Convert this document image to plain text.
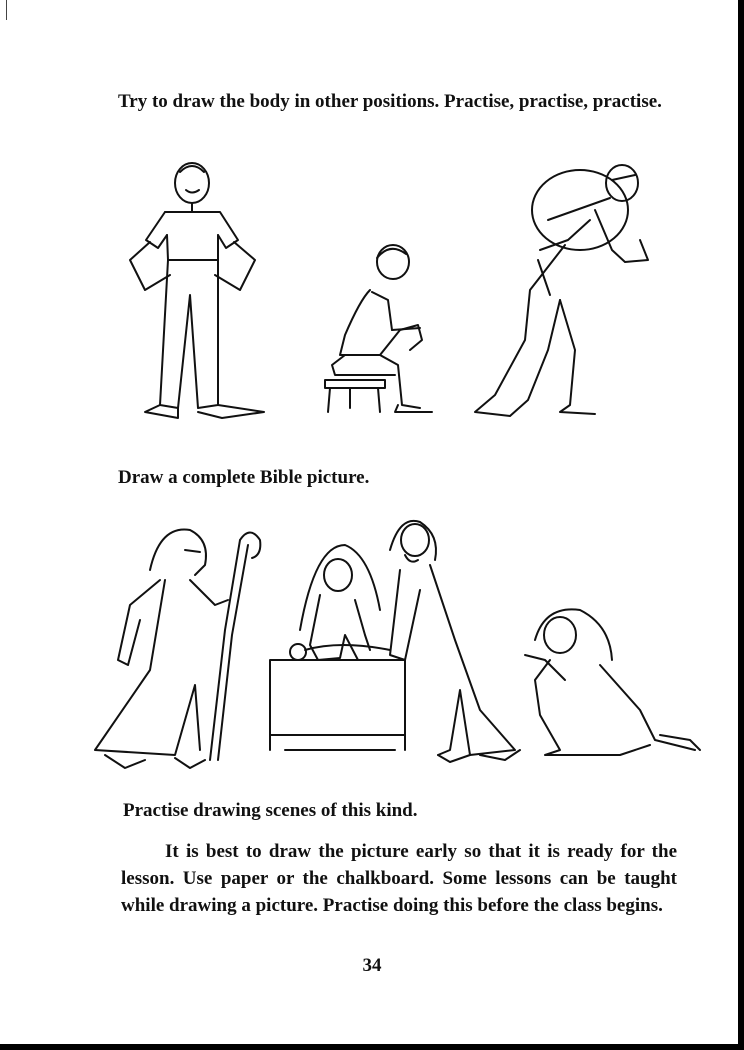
Try to draw the body in other positions. Practise, practise, practise.
Draw a complete Bible picture.
Practise drawing scenes of this kind.
It is best to draw the picture early so that it is ready for the lesson. Use paper or the chalkboard. Some lessons can be taught while drawing a picture. Practise doing this before the class begins.
34
